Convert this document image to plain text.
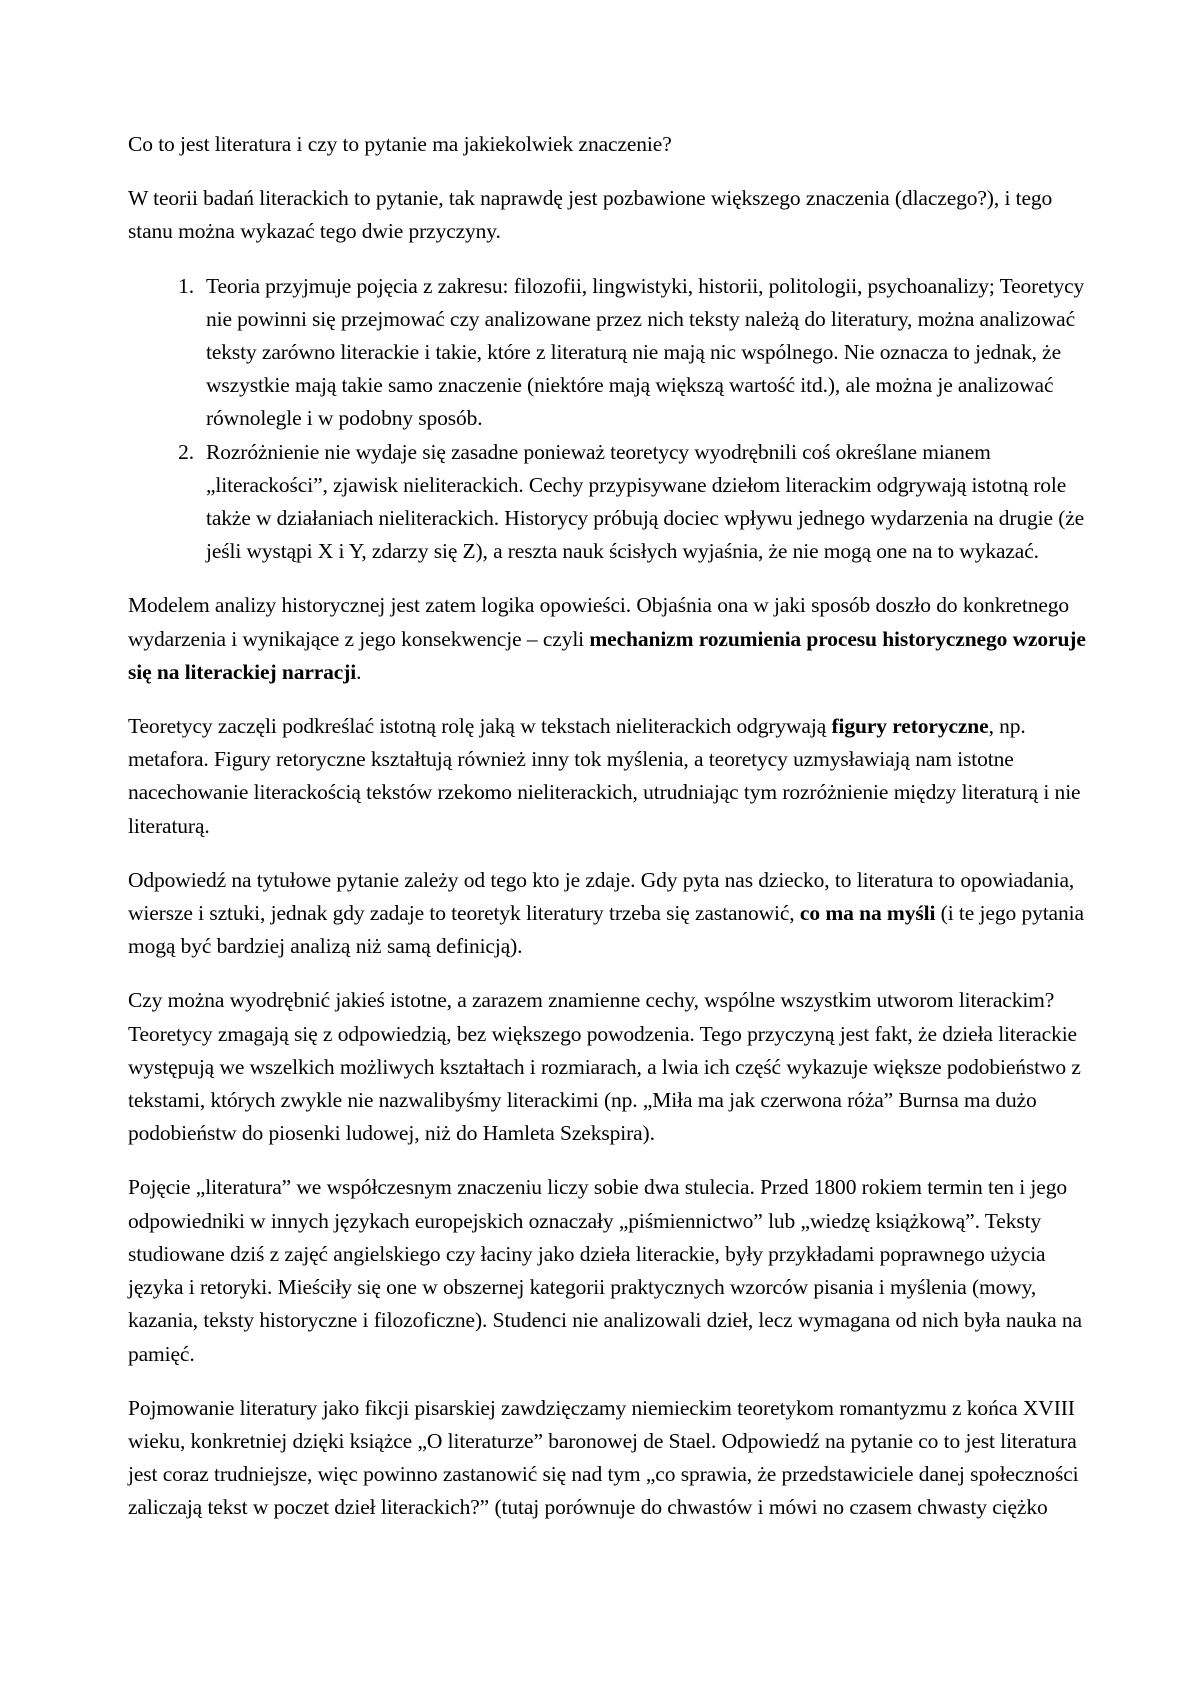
Co to jest literatura i czy to pytanie ma jakiekolwiek znaczenie?

W teorii badań literackich to pytanie, tak naprawdę jest pozbawione większego znaczenia (dlaczego?), i tego stanu można wykazać tego dwie przyczyny.

Teoria przyjmuje pojęcia z zakresu: filozofii, lingwistyki, historii, politologii, psychoanalizy; Teoretycy nie powinni się przejmować czy analizowane przez nich teksty należą do literatury, można analizować teksty zarówno literackie i takie, które z literaturą nie mają nic wspólnego. Nie oznacza to jednak, że wszystkie mają takie samo znaczenie (niektóre mają większą wartość itd.), ale można je analizować równolegle i w podobny sposób.
Rozróżnienie nie wydaje się zasadne ponieważ teoretycy wyodrębnili coś określane mianem „literackości”, zjawisk nieliterackich. Cechy przypisywane dziełom literackim odgrywają istotną role także w działaniach nieliterackich. Historycy próbują dociec wpływu jednego wydarzenia na drugie (że jeśli wystąpi X i Y, zdarzy się Z), a reszta nauk ścisłych wyjaśnia, że nie mogą one na to wykazać.

Modelem analizy historycznej jest zatem logika opowieści. Objaśnia ona w jaki sposób doszło do konkretnego wydarzenia i wynikające z jego konsekwencje – czyli mechanizm rozumienia procesu historycznego wzoruje się na literackiej narracji.

Teoretycy zaczęli podkreślać istotną rolę jaką w tekstach nieliterackich odgrywają figury retoryczne, np. metafora. Figury retoryczne kształtują również inny tok myślenia, a teoretycy uzmysławiają nam istotne nacechowanie literackością tekstów rzekomo nieliterackich, utrudniając tym rozróżnienie między literaturą i nie literaturą.

Odpowiedź na tytułowe pytanie zależy od tego kto je zdaje. Gdy pyta nas dziecko, to literatura to opowiadania, wiersze i sztuki, jednak gdy zadaje to teoretyk literatury trzeba się zastanowić, co ma na myśli (i te jego pytania mogą być bardziej analizą niż samą definicją).

Czy można wyodrębnić jakieś istotne, a zarazem znamienne cechy, wspólne wszystkim utworom literackim? Teoretycy zmagają się z odpowiedzią, bez większego powodzenia. Tego przyczyną jest fakt, że dzieła literackie występują we wszelkich możliwych kształtach i rozmiarach, a lwia ich część wykazuje większe podobieństwo z tekstami, których zwykle nie nazwalibyśmy literackimi (np. „Miła ma jak czerwona róża” Burnsa ma dużo podobieństw do piosenki ludowej, niż do Hamleta Szekspira).

Pojęcie „literatura” we współczesnym znaczeniu liczy sobie dwa stulecia. Przed 1800 rokiem termin ten i jego odpowiedniki w innych językach europejskich oznaczały „piśmiennictwo” lub „wiedzę książkową”. Teksty studiowane dziś z zajęć angielskiego czy łaciny jako dzieła literackie, były przykładami poprawnego użycia języka i retoryki. Mieściły się one w obszernej kategorii praktycznych wzorców pisania i myślenia (mowy, kazania, teksty historyczne i filozoficzne). Studenci nie analizowali dzieł, lecz wymagana od nich była nauka na pamięć.

Pojmowanie literatury jako fikcji pisarskiej zawdzięczamy niemieckim teoretykom romantyzmu z końca XVIII wieku, konkretniej dzięki książce „O literaturze” baronowej de Stael. Odpowiedź na pytanie co to jest literatura jest coraz trudniejsze, więc powinno zastanowić się nad tym „co sprawia, że przedstawiciele danej społeczności zaliczają tekst w poczet dzieł literackich?” (tutaj porównuje do chwastów i mówi no czasem chwasty ciężko
